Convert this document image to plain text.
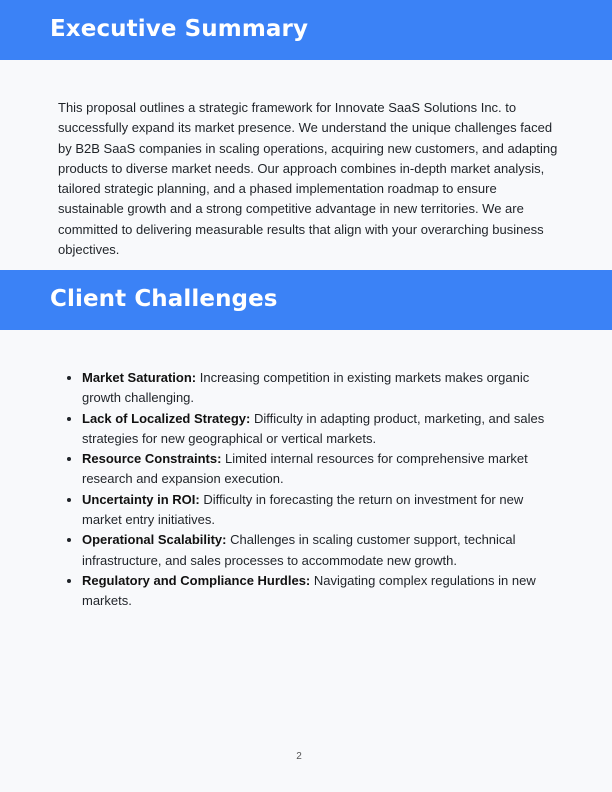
Executive Summary

This proposal outlines a strategic framework for Innovate SaaS Solutions Inc. to successfully expand its market presence. We understand the unique challenges faced by B2B SaaS companies in scaling operations, acquiring new customers, and adapting products to diverse market needs. Our approach combines in-depth market analysis, tailored strategic planning, and a phased implementation roadmap to ensure sustainable growth and a strong competitive advantage in new territories. We are committed to delivering measurable results that align with your overarching business objectives.

Client Challenges
• Market Saturation: Increasing competition in existing markets makes organic growth challenging.
• Lack of Localized Strategy: Difficulty in adapting product, marketing, and sales strategies for new geographical or vertical markets.
• Resource Constraints: Limited internal resources for comprehensive market research and expansion execution.
• Uncertainty in ROI: Difficulty in forecasting the return on investment for new market entry initiatives.
• Operational Scalability: Challenges in scaling customer support, technical infrastructure, and sales processes to accommodate new growth.
• Regulatory and Compliance Hurdles: Navigating complex regulations in new markets.
2
